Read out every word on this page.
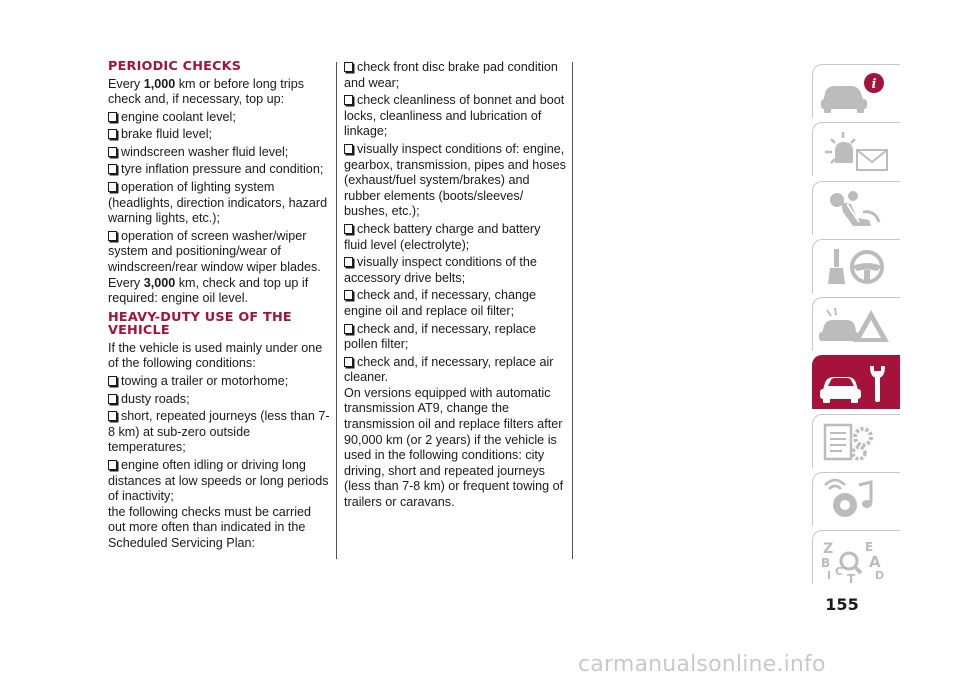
PERIODIC CHECKS
Every 1,000 km or before long trips check and, if necessary, top up:
engine coolant level;
brake fluid level;
windscreen washer fluid level;
tyre inflation pressure and condition;
operation of lighting system (headlights, direction indicators, hazard warning lights, etc.);
operation of screen washer/wiper system and positioning/wear of windscreen/rear window wiper blades.
Every 3,000 km, check and top up if required: engine oil level.
HEAVY-DUTY USE OF THE VEHICLE
If the vehicle is used mainly under one of the following conditions:
towing a trailer or motorhome;
dusty roads;
short, repeated journeys (less than 7-8 km) at sub-zero outside temperatures;
engine often idling or driving long distances at low speeds or long periods of inactivity;
the following checks must be carried out more often than indicated in the Scheduled Servicing Plan:
check front disc brake pad condition and wear;
check cleanliness of bonnet and boot locks, cleanliness and lubrication of linkage;
visually inspect conditions of: engine, gearbox, transmission, pipes and hoses (exhaust/fuel system/brakes) and rubber elements (boots/sleeves/ bushes, etc.);
check battery charge and battery fluid level (electrolyte);
visually inspect conditions of the accessory drive belts;
check and, if necessary, change engine oil and replace oil filter;
check and, if necessary, replace pollen filter;
check and, if necessary, replace air cleaner.
On versions equipped with automatic transmission AT9, change the transmission oil and replace filters after 90,000 km (or 2 years) if the vehicle is used in the following conditions: city driving, short and repeated journeys (less than 7-8 km) or frequent towing of trailers or caravans.
i
Z	E
B	A
C	D
I T
155
carmanualsonline.info
